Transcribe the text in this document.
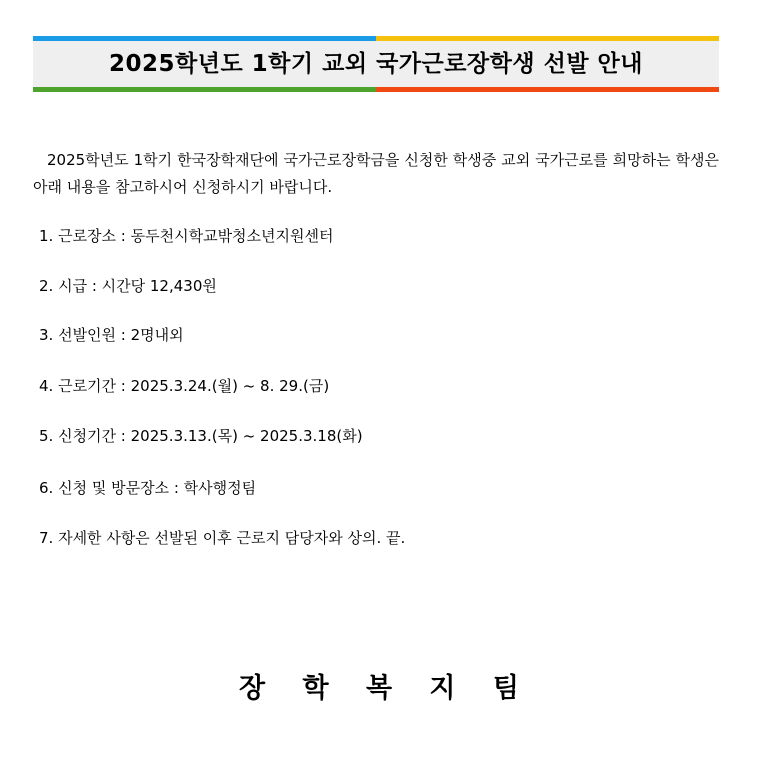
2025학년도 1학기 교외 국가근로장학생 선발 안내
2025학년도 1학기 한국장학재단에 국가근로장학금을 신청한 학생중 교외 국가근로를 희망하는 학생은 아래 내용을 참고하시어 신청하시기 바랍니다.
1. 근로장소 : 동두천시학교밖청소년지원센터
2. 시급 : 시간당 12,430원
3. 선발인원 : 2명내외
4. 근로기간 : 2025.3.24.(월) ~ 8. 29.(금)
5. 신청기간 : 2025.3.13.(목) ~ 2025.3.18(화)
6. 신청 및 방문장소 : 학사행정팀
7. 자세한 사항은 선발된 이후 근로지 담당자와 상의. 끝.
장 학 복 지 팀
